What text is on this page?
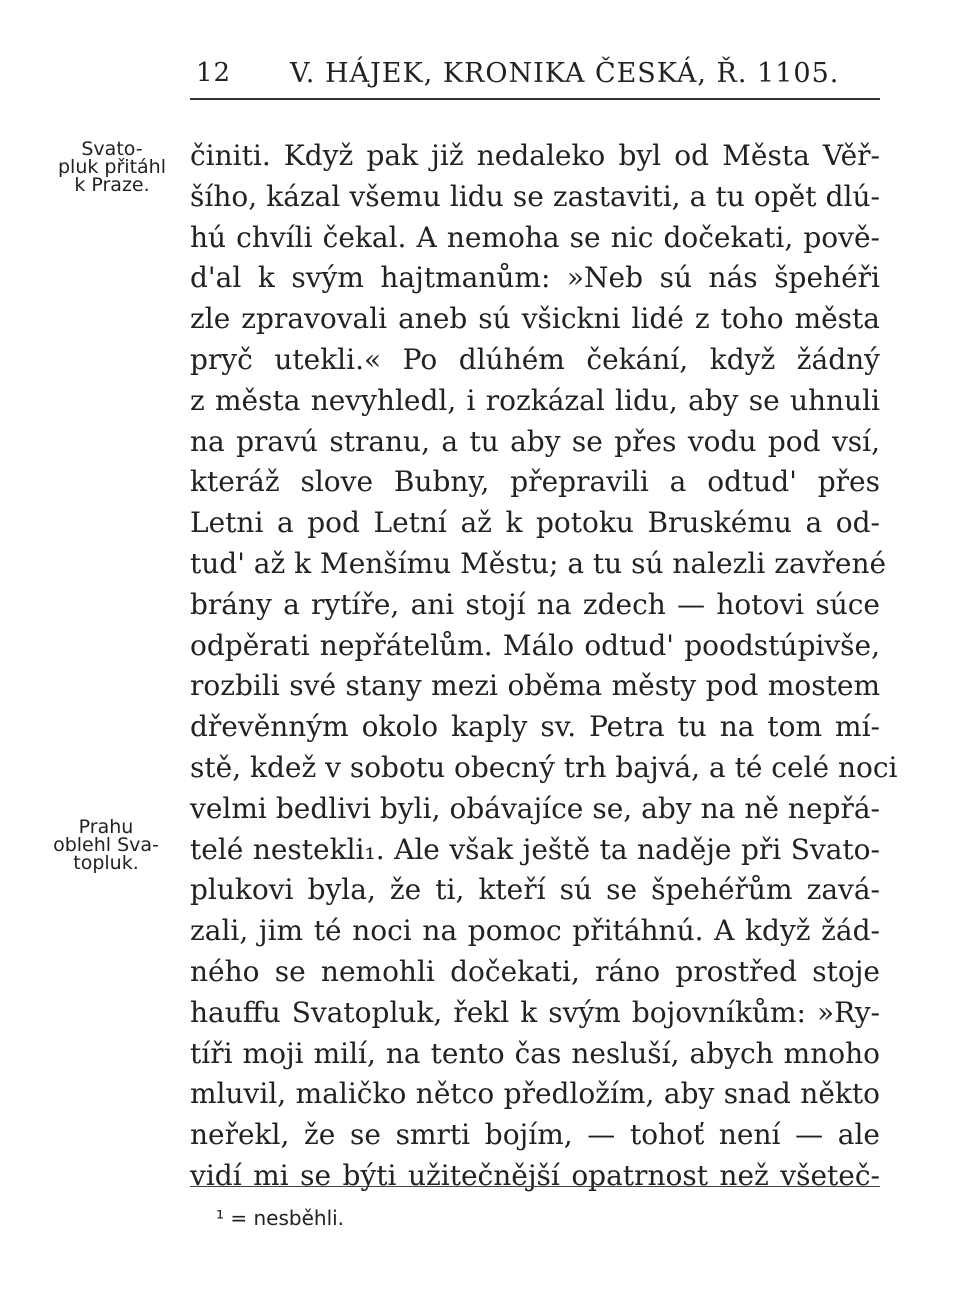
12 V. HÁJEK, KRONIKA ČESKÁ, Ř. 1105.
Svato-
pluk přitáhl
k Praze.
Prahu
oblehl Sva-
topluk.
činiti. Když pak již nedaleko byl od Města Věř-
šího, kázal všemu lidu se zastaviti, a tu opět dlú-
hú chvíli čekal. A nemoha se nic dočekati, pově-
d'al k svým hajtmanům: »Neb sú nás špehéři
zle zpravovali aneb sú všickni lidé z toho města
pryč utekli.« Po dlúhém čekání, když žádný
z města nevyhledl, i rozkázal lidu, aby se uhnuli
na pravú stranu, a tu aby se přes vodu pod vsí,
kteráž slove Bubny, přepravili a odtud' přes
Letni a pod Letní až k potoku Bruskému a od-
tud' až k Menšímu Městu; a tu sú nalezli zavřené
brány a rytíře, ani stojí na zdech — hotovi súce
odpěrati nepřátelům. Málo odtud' poodstúpivše,
rozbili své stany mezi oběma městy pod mostem
dřevěnným okolo kaply sv. Petra tu na tom mí-
stě, kdež v sobotu obecný trh bajvá, a té celé noci
velmi bedlivi byli, obávajíce se, aby na ně nepřá-
telé nestekli₁. Ale však ještě ta naděje při Svato-
plukovi byla, že ti, kteří sú se špehéřům zavá-
zali, jim té noci na pomoc přitáhnú. A když žád-
ného se nemohli dočekati, ráno prostřed stoje
hauffu Svatopluk, řekl k svým bojovníkům: »Ry-
tíři moji milí, na tento čas nesluší, abych mnoho
mluvil, maličko nětco předložím, aby snad někto
neřekl, že se smrti bojím, — tohoť není — ale
vidí mi se býti užitečnější opatrnost než všeteč-
¹ = nesběhli.
